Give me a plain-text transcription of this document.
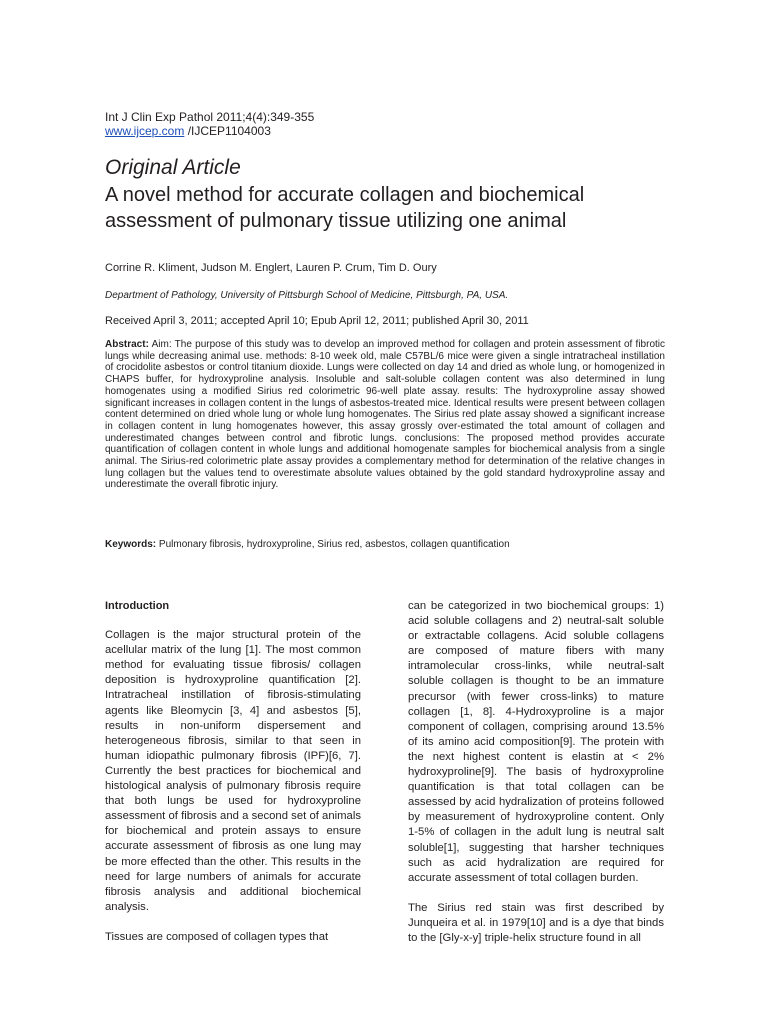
Int J Clin Exp Pathol 2011;4(4):349-355
www.ijcep.com /IJCEP1104003
Original Article
A novel method for accurate collagen and biochemical assessment of pulmonary tissue utilizing one animal
Corrine R. Kliment, Judson M. Englert, Lauren P. Crum, Tim D. Oury
Department of Pathology, University of Pittsburgh School of Medicine, Pittsburgh, PA, USA.
Received April 3, 2011; accepted April 10; Epub April 12, 2011; published April 30, 2011
Abstract: Aim: The purpose of this study was to develop an improved method for collagen and protein assessment of fibrotic lungs while decreasing animal use. methods: 8-10 week old, male C57BL/6 mice were given a single intratracheal instillation of crocidolite asbestos or control titanium dioxide. Lungs were collected on day 14 and dried as whole lung, or homogenized in CHAPS buffer, for hydroxyproline analysis. Insoluble and salt-soluble collagen content was also determined in lung homogenates using a modified Sirius red colorimetric 96-well plate assay. results: The hydroxyproline assay showed significant increases in collagen content in the lungs of asbestos-treated mice. Identical results were present between collagen content determined on dried whole lung or whole lung homogenates. The Sirius red plate assay showed a significant increase in collagen content in lung homogenates however, this assay grossly over-estimated the total amount of collagen and underestimated changes between control and fibrotic lungs. conclusions: The proposed method provides accurate quantification of collagen content in whole lungs and additional homogenate samples for biochemical analysis from a single animal. The Sirius-red colorimetric plate assay provides a complementary method for determination of the relative changes in lung collagen but the values tend to overestimate absolute values obtained by the gold standard hydroxyproline assay and underestimate the overall fibrotic injury.
Keywords: Pulmonary fibrosis, hydroxyproline, Sirius red, asbestos, collagen quantification
Introduction

Collagen is the major structural protein of the acellular matrix of the lung [1]. The most common method for evaluating tissue fibrosis/ collagen deposition is hydroxyproline quantification [2]. Intratracheal instillation of fibrosis-stimulating agents like Bleomycin [3, 4] and asbestos [5], results in non-uniform dispersement and heterogeneous fibrosis, similar to that seen in human idiopathic pulmonary fibrosis (IPF)[6, 7]. Currently the best practices for biochemical and histological analysis of pulmonary fibrosis require that both lungs be used for hydroxyproline assessment of fibrosis and a second set of animals for biochemical and protein assays to ensure accurate assessment of fibrosis as one lung may be more effected than the other. This results in the need for large numbers of animals for accurate fibrosis analysis and additional biochemical analysis.

Tissues are composed of collagen types that

can be categorized in two biochemical groups: 1) acid soluble collagens and 2) neutral-salt soluble or extractable collagens. Acid soluble collagens are composed of mature fibers with many intramolecular cross-links, while neutral-salt soluble collagen is thought to be an immature precursor (with fewer cross-links) to mature collagen [1, 8]. 4-Hydroxyproline is a major component of collagen, comprising around 13.5% of its amino acid composition[9]. The protein with the next highest content is elastin at < 2% hydroxyproline[9]. The basis of hydroxyproline quantification is that total collagen can be assessed by acid hydralization of proteins followed by measurement of hydroxyproline content. Only 1-5% of collagen in the adult lung is neutral salt soluble[1], suggesting that harsher techniques such as acid hydralization are required for accurate assessment of total collagen burden.

The Sirius red stain was first described by Junqueira et al. in 1979[10] and is a dye that binds to the [Gly-x-y] triple-helix structure found in all
